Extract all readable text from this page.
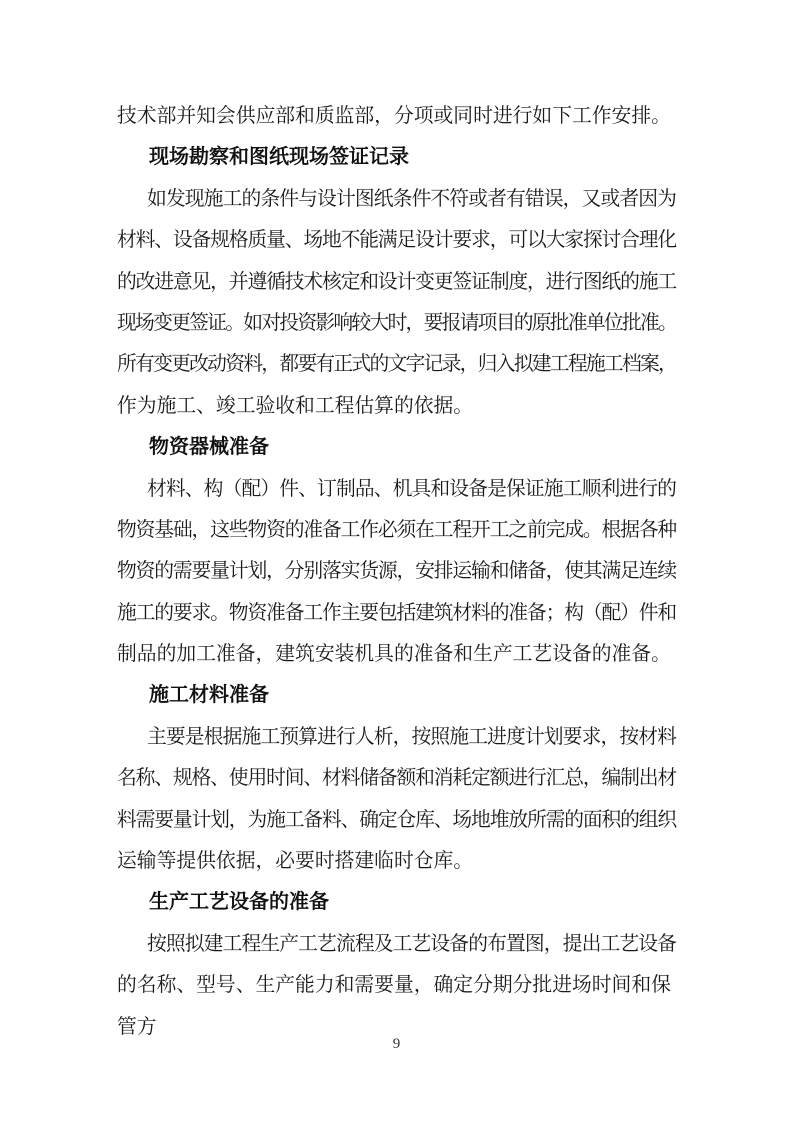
技术部并知会供应部和质监部，分项或同时进行如下工作安排。
现场勘察和图纸现场签证记录
如发现施工的条件与设计图纸条件不符或者有错误，又或者因为
材料、设备规格质量、场地不能满足设计要求，可以大家探讨合理化
的改进意见，并遵循技术核定和设计变更签证制度，进行图纸的施工
现场变更签证。如对投资影响较大时，要报请项目的原批准单位批准。
所有变更改动资料，都要有正式的文字记录，归入拟建工程施工档案，
作为施工、竣工验收和工程估算的依据。
物资器械准备
材料、构（配）件、订制品、机具和设备是保证施工顺利进行的
物资基础，这些物资的准备工作必须在工程开工之前完成。根据各种
物资的需要量计划，分别落实货源，安排运输和储备，使其满足连续
施工的要求。物资准备工作主要包括建筑材料的准备；构（配）件和
制品的加工准备，建筑安装机具的准备和生产工艺设备的准备。
施工材料准备
主要是根据施工预算进行人析，按照施工进度计划要求，按材料
名称、规格、使用时间、材料储备额和消耗定额进行汇总，编制出材
料需要量计划，为施工备料、确定仓库、场地堆放所需的面积的组织
运输等提供依据，必要时搭建临时仓库。
生产工艺设备的准备
按照拟建工程生产工艺流程及工艺设备的布置图，提出工艺设备
的名称、型号、生产能力和需要量，确定分期分批进场时间和保管方
9
